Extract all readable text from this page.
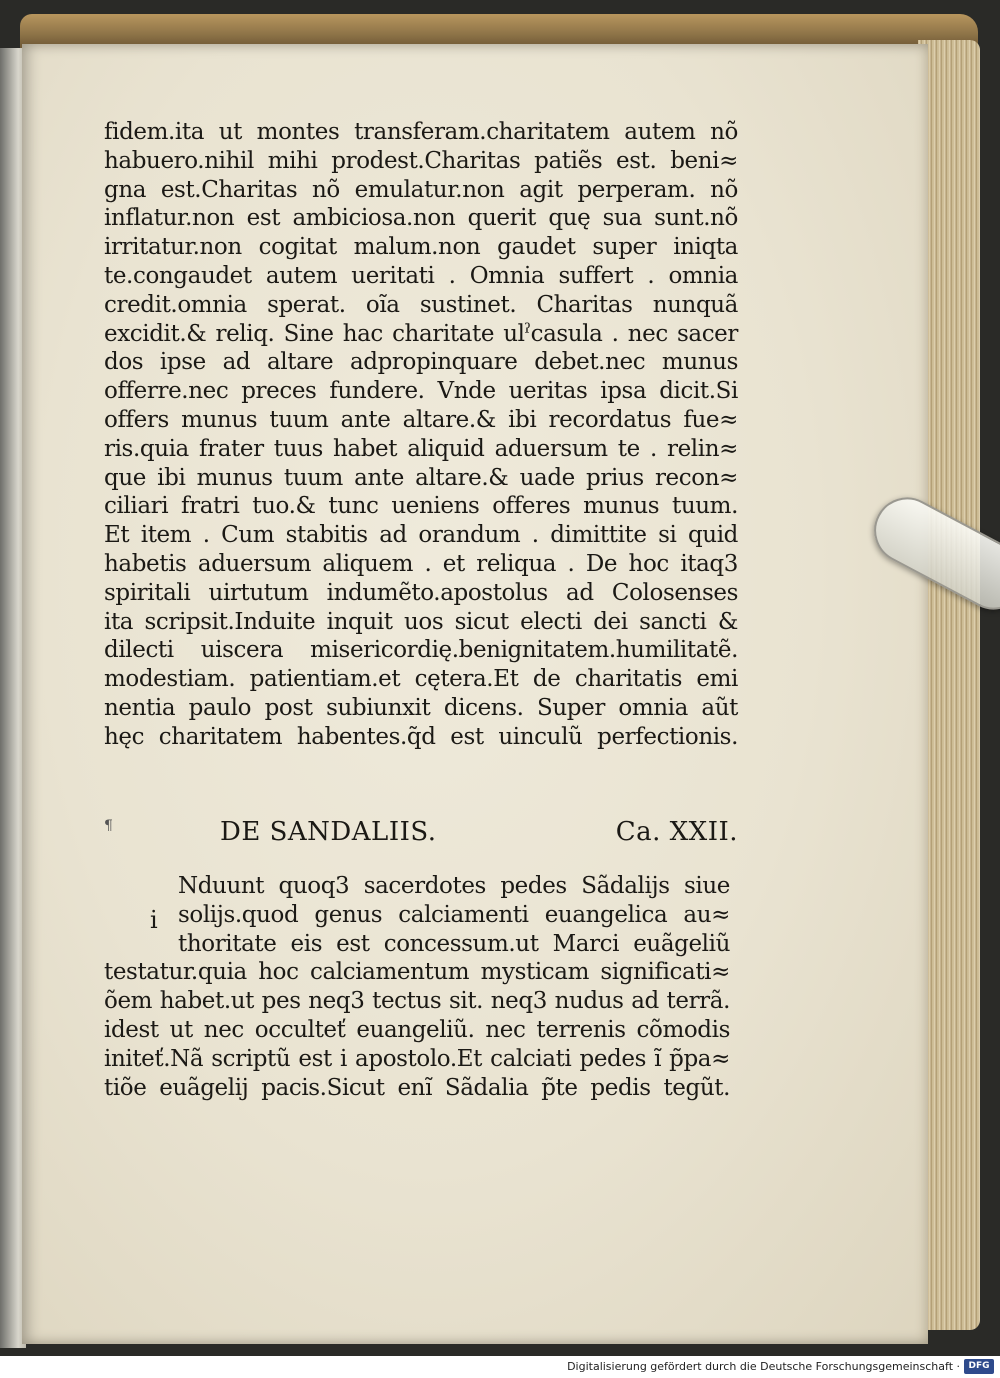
fidem.ita ut montes transferam.charitatem autem nõ
habuero.nihil mihi prodest.Charitas patiẽs est. beni≈
gna est.Charitas nõ emulatur.non agit perperam. nõ
inflatur.non est ambiciosa.non querit quę sua sunt.nõ
irritatur.non cogitat malum.non gaudet super iniqta
te.congaudet autem ueritati . Omnia suffert . omnia
credit.omnia sperat. oĩa sustinet. Charitas nunquã
excidit.& reliq. Sine hac charitate ulˀcasula . nec sacer
dos ipse ad altare adpropinquare debet.nec munus
offerre.nec preces fundere. Vnde ueritas ipsa dicit.Si
offers munus tuum ante altare.& ibi recordatus fue≈
ris.quia frater tuus habet aliquid aduersum te . relin≈
que ibi munus tuum ante altare.& uade prius recon≈
ciliari fratri tuo.& tunc ueniens offeres munus tuum.
Et item . Cum stabitis ad orandum . dimittite si quid
habetis aduersum aliquem . et reliqua . De hoc itaq3
spiritali uirtutum indumẽto.apostolus ad Colosenses
ita scripsit.Induite inquit uos sicut electi dei sancti &
dilecti uiscera misericordię.benignitatem.humilitatẽ.
modestiam. patientiam.et cętera.Et de charitatis emi
nentia paulo post subiunxit dicens. Super omnia aũt
hęc charitatem habentes.q̃d est uinculũ perfectionis.
¶	DE SANDALIIS.	Ca. XXII.
i
Nduunt quoq3 sacerdotes pedes Sãdalijs siue
solijs.quod genus calciamenti euangelica au≈
thoritate eis est concessum.ut Marci euãgeliũ
testatur.quia hoc calciamentum mysticam significati≈
õem habet.ut pes neq3 tectus sit. neq3 nudus ad terrã.
idest ut nec occulteť euangeliũ. nec terrenis cõmodis
initeť.Nã scriptũ est i apostolo.Et calciati pedes ĩ p̃pa≈
tiõe euãgelij pacis.Sicut enĩ Sãdalia p̃te pedis tegũt.
Digitalisierung gefördert durch die Deutsche Forschungsgemeinschaft · DFG
